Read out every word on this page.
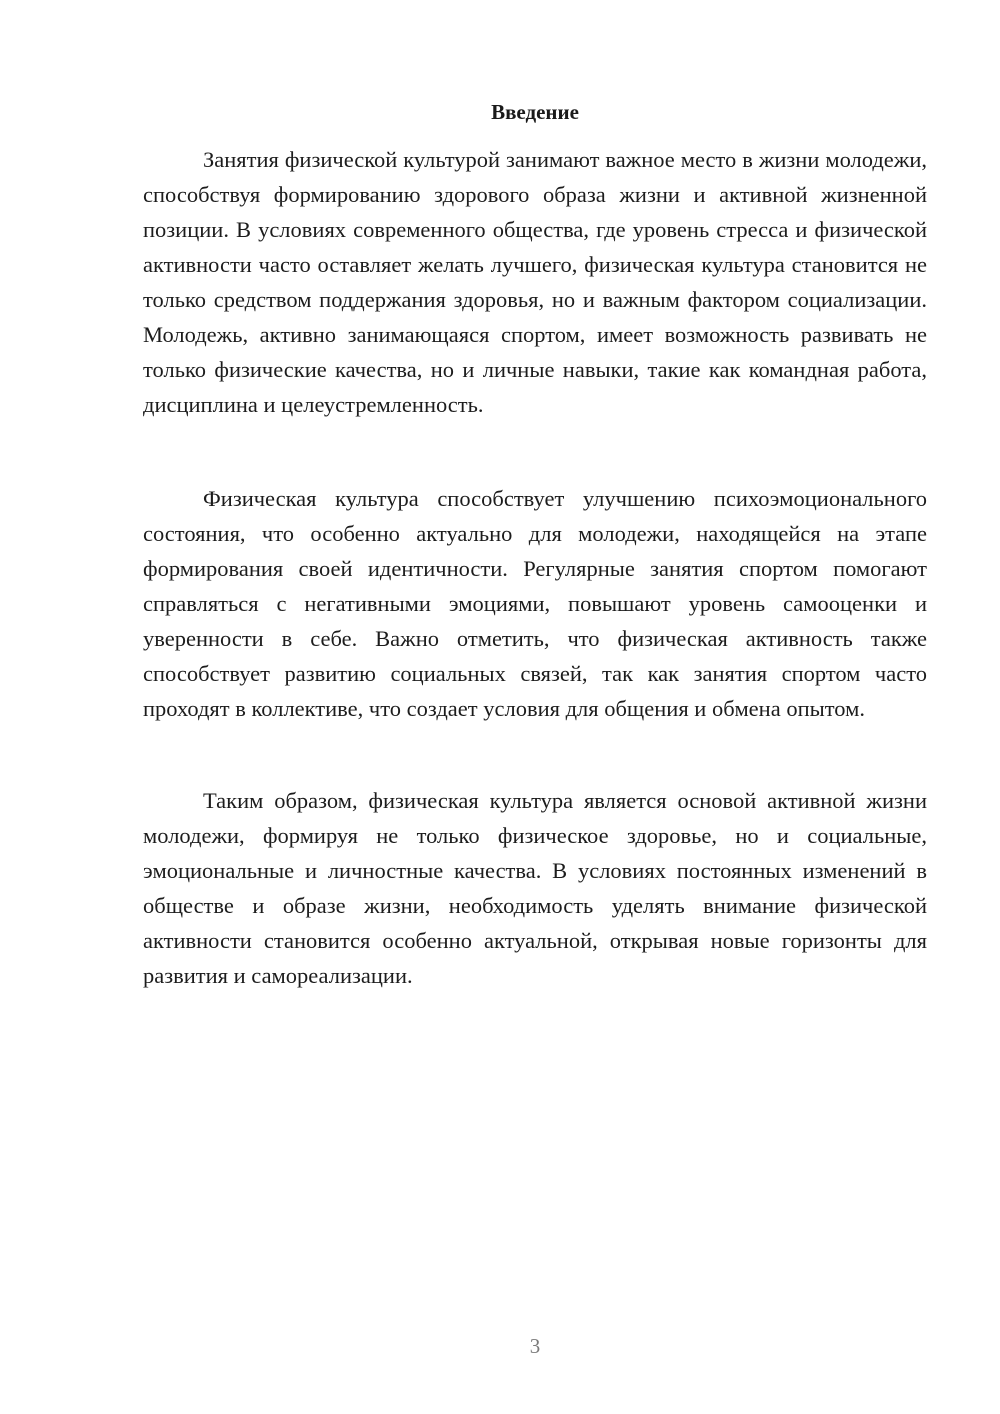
Введение

Занятия физической культурой занимают важное место в жизни молодежи, способствуя формированию здорового образа жизни и активной жизненной позиции. В условиях современного общества, где уровень стресса и физической активности часто оставляет желать лучшего, физическая культура становится не только средством поддержания здоровья, но и важным фактором социализации. Молодежь, активно занимающаяся спортом, имеет возможность развивать не только физические качества, но и личные навыки, такие как командная работа, дисциплина и целеустремленность.

Физическая культура способствует улучшению психоэмоционального состояния, что особенно актуально для молодежи, находящейся на этапе формирования своей идентичности. Регулярные занятия спортом помогают справляться с негативными эмоциями, повышают уровень самооценки и уверенности в себе. Важно отметить, что физическая активность также способствует развитию социальных связей, так как занятия спортом часто проходят в коллективе, что создает условия для общения и обмена опытом.

Таким образом, физическая культура является основой активной жизни молодежи, формируя не только физическое здоровье, но и социальные, эмоциональные и личностные качества. В условиях постоянных изменений в обществе и образе жизни, необходимость уделять внимание физической активности становится особенно актуальной, открывая новые горизонты для развития и самореализации.

3
